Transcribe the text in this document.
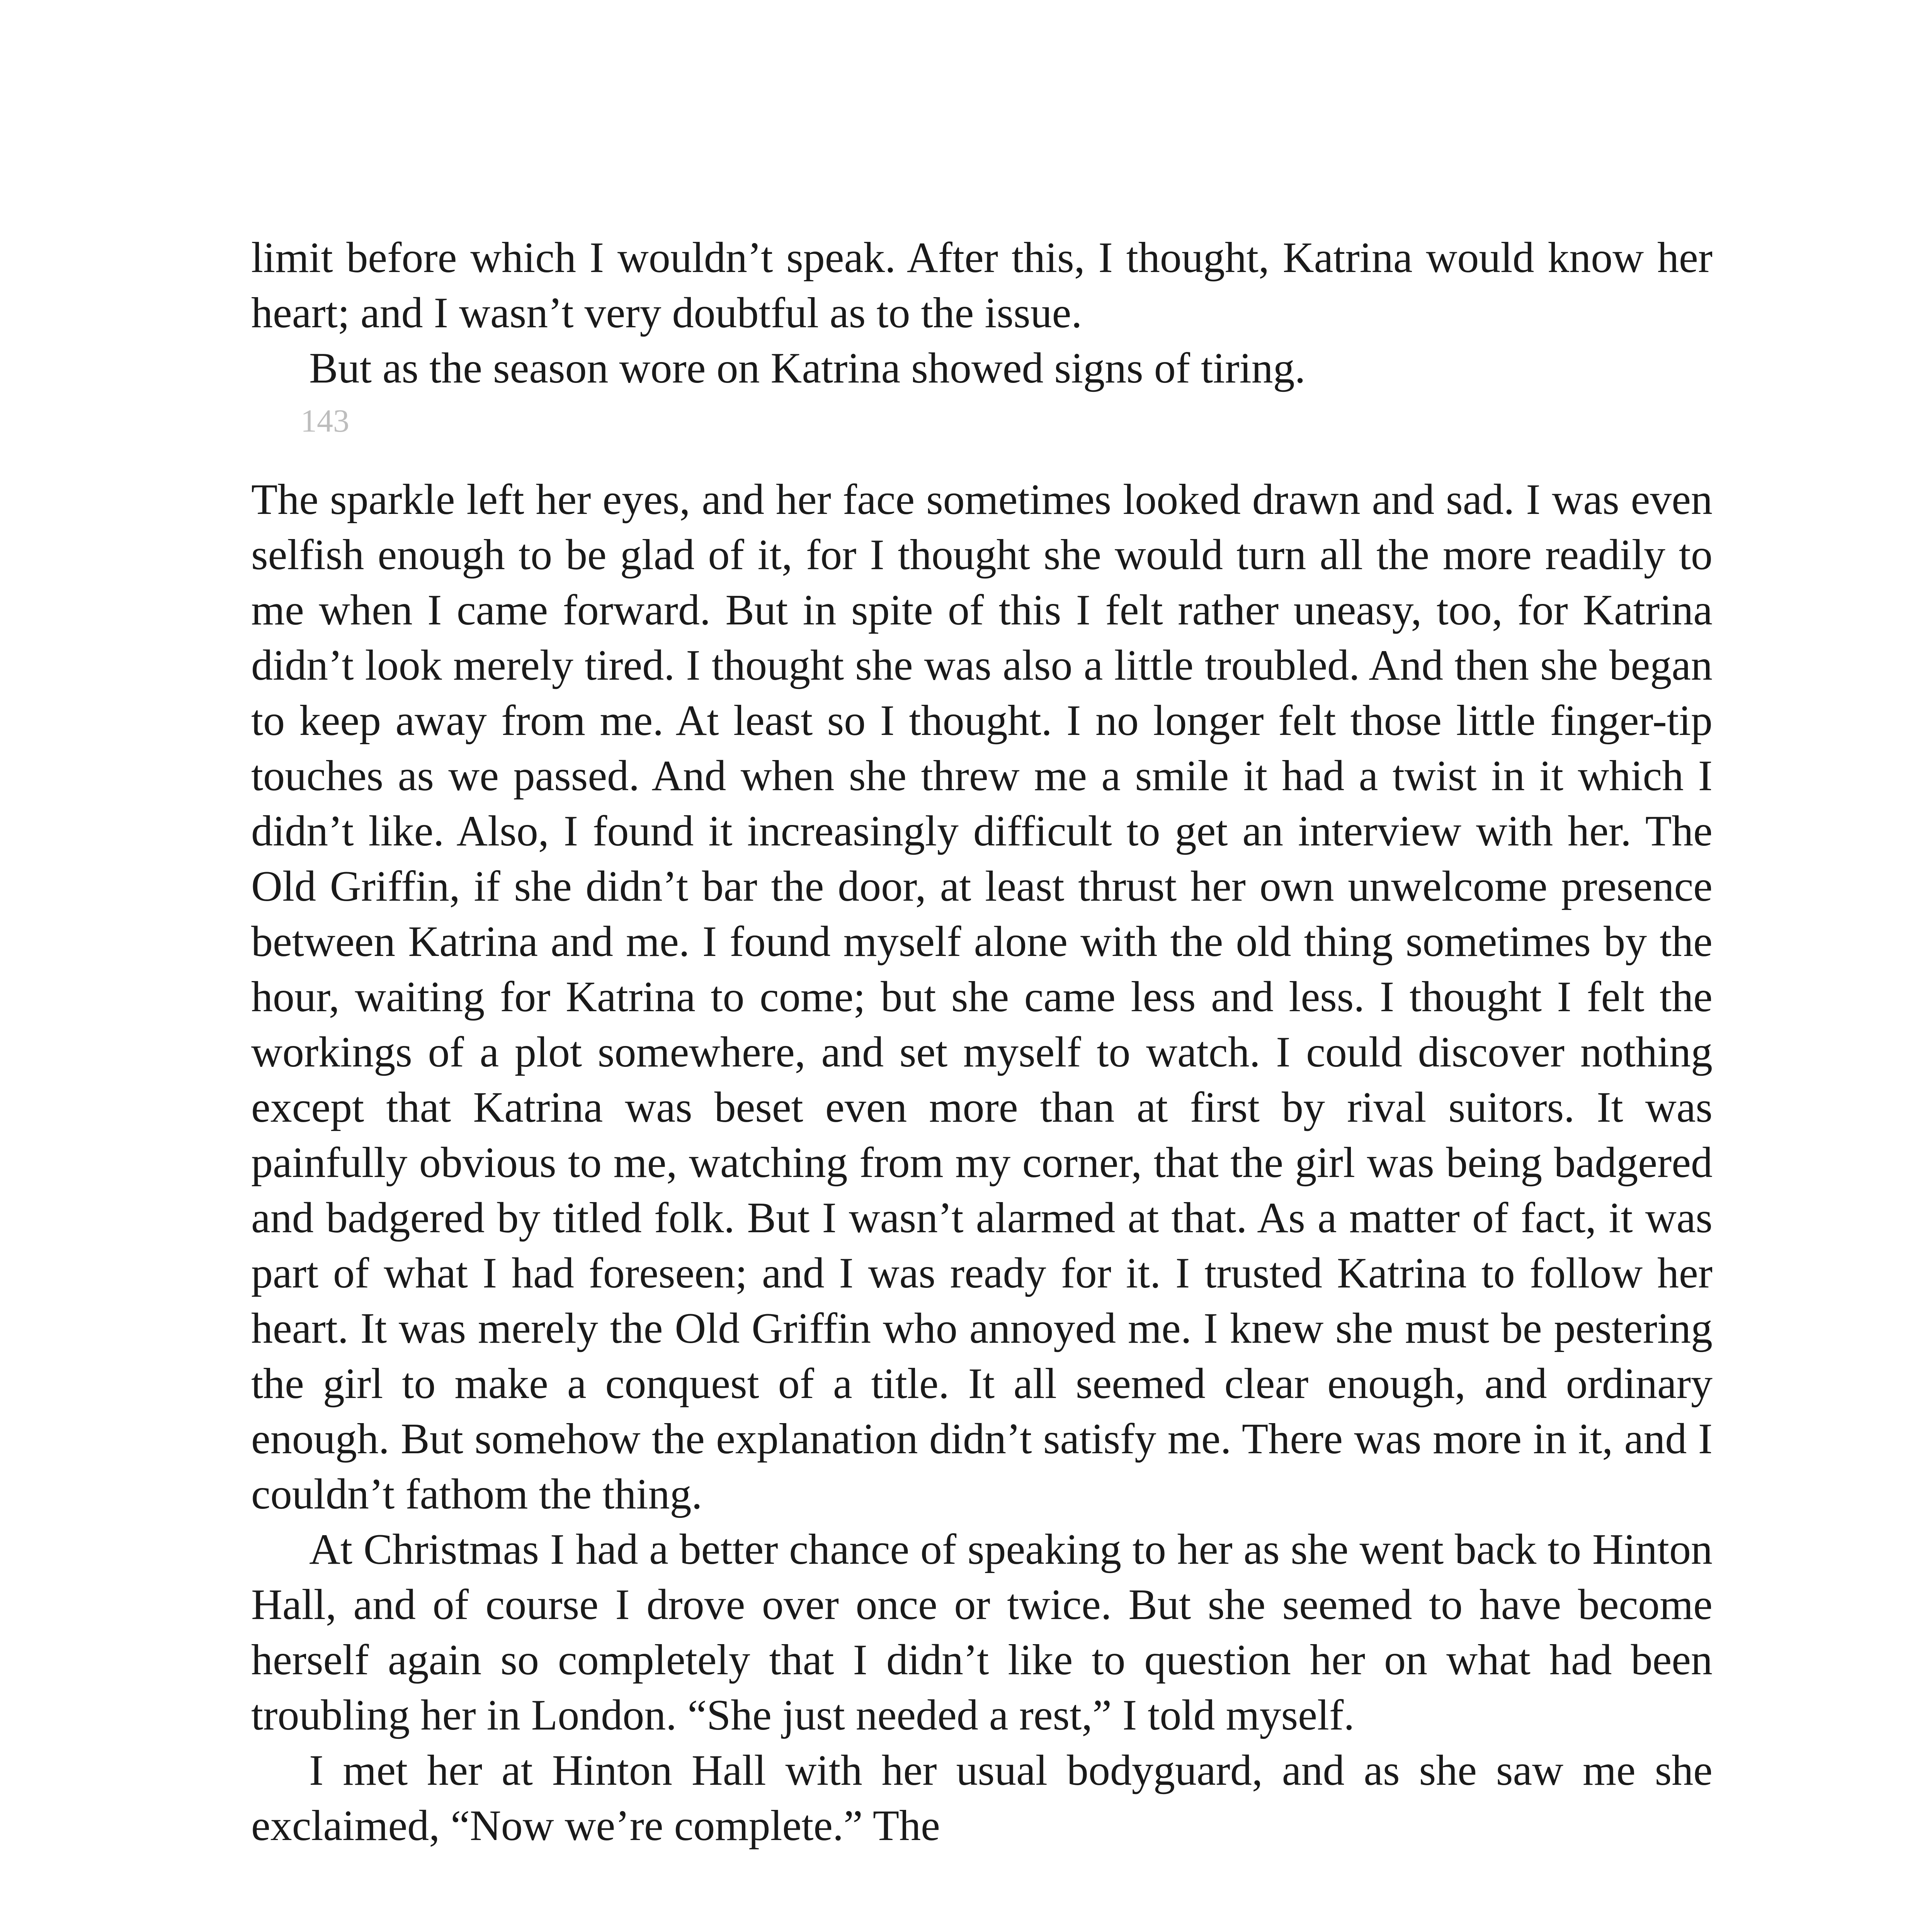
limit before which I wouldn’t speak. After this, I thought, Katrina would know her heart; and I wasn’t very doubtful as to the issue.

But as the season wore on Katrina showed signs of tiring.

143

The sparkle left her eyes, and her face sometimes looked drawn and sad. I was even selfish enough to be glad of it, for I thought she would turn all the more readily to me when I came forward. But in spite of this I felt rather uneasy, too, for Katrina didn’t look merely tired. I thought she was also a little troubled. And then she began to keep away from me. At least so I thought. I no longer felt those little finger-tip touches as we passed. And when she threw me a smile it had a twist in it which I didn’t like. Also, I found it increasingly difficult to get an interview with her. The Old Griffin, if she didn’t bar the door, at least thrust her own unwelcome presence between Katrina and me. I found myself alone with the old thing sometimes by the hour, waiting for Katrina to come; but she came less and less. I thought I felt the workings of a plot somewhere, and set myself to watch. I could discover nothing except that Katrina was beset even more than at first by rival suitors. It was painfully obvious to me, watching from my corner, that the girl was being badgered and badgered by titled folk. But I wasn’t alarmed at that. As a matter of fact, it was part of what I had foreseen; and I was ready for it. I trusted Katrina to follow her heart. It was merely the Old Griffin who annoyed me. I knew she must be pestering the girl to make a conquest of a title. It all seemed clear enough, and ordinary enough. But somehow the explanation didn’t satisfy me. There was more in it, and I couldn’t fathom the thing.

At Christmas I had a better chance of speaking to her as she went back to Hinton Hall, and of course I drove over once or twice. But she seemed to have become herself again so completely that I didn’t like to question her on what had been troubling her in London. “She just needed a rest,” I told myself.

I met her at Hinton Hall with her usual bodyguard, and as she saw me she exclaimed, “Now we’re complete.” The
